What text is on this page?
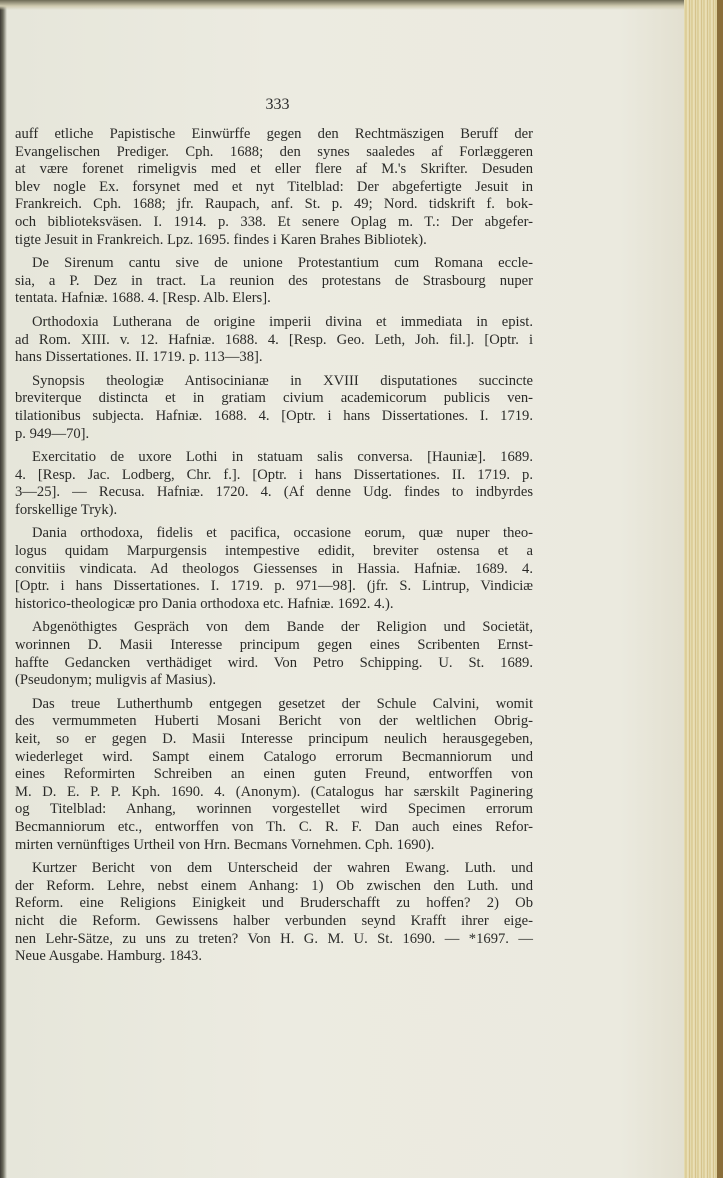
333
auff etliche Papistische Einwürffe gegen den Rechtmäszigen Beruff der
Evangelischen Prediger. Cph. 1688; den synes saaledes af Forlæggeren
at være forenet rimeligvis med et eller flere af M.'s Skrifter. Desuden
blev nogle Ex. forsynet med et nyt Titelblad: Der abgefertigte Jesuit in
Frankreich. Cph. 1688; jfr. Raupach, anf. St. p. 49; Nord. tidskrift f. bok-
och biblioteksväsen. I. 1914. p. 338. Et senere Oplag m. T.: Der abgefer-
tigte Jesuit in Frankreich. Lpz. 1695. findes i Karen Brahes Bibliotek).
De Sirenum cantu sive de unione Protestantium cum Romana eccle-
sia, a P. Dez in tract. La reunion des protestans de Strasbourg nuper
tentata. Hafniæ. 1688. 4. [Resp. Alb. Elers].
Orthodoxia Lutherana de origine imperii divina et immediata in epist.
ad Rom. XIII. v. 12. Hafniæ. 1688. 4. [Resp. Geo. Leth, Joh. fil.]. [Optr. i
hans Dissertationes. II. 1719. p. 113—38].
Synopsis theologiæ Antisocinianæ in XVIII disputationes succincte
breviterque distincta et in gratiam civium academicorum publicis ven-
tilationibus subjecta. Hafniæ. 1688. 4. [Optr. i hans Dissertationes. I. 1719.
p. 949—70].
Exercitatio de uxore Lothi in statuam salis conversa. [Hauniæ]. 1689.
4. [Resp. Jac. Lodberg, Chr. f.]. [Optr. i hans Dissertationes. II. 1719. p.
3—25]. — Recusa. Hafniæ. 1720. 4. (Af denne Udg. findes to indbyrdes
forskellige Tryk).
Dania orthodoxa, fidelis et pacifica, occasione eorum, quæ nuper theo-
logus quidam Marpurgensis intempestive edidit, breviter ostensa et a
convitiis vindicata. Ad theologos Giessenses in Hassia. Hafniæ. 1689. 4.
[Optr. i hans Dissertationes. I. 1719. p. 971—98]. (jfr. S. Lintrup, Vindiciæ
historico-theologicæ pro Dania orthodoxa etc. Hafniæ. 1692. 4.).
Abgenöthigtes Gespräch von dem Bande der Religion und Societät,
worinnen D. Masii Interesse principum gegen eines Scribenten Ernst-
haffte Gedancken verthädiget wird. Von Petro Schipping. U. St. 1689.
(Pseudonym; muligvis af Masius).
Das treue Lutherthumb entgegen gesetzet der Schule Calvini, womit
des vermummeten Huberti Mosani Bericht von der weltlichen Obrig-
keit, so er gegen D. Masii Interesse principum neulich herausgegeben,
wiederleget wird. Sampt einem Catalogo errorum Becmanniorum und
eines Reformirten Schreiben an einen guten Freund, entworffen von
M. D. E. P. P. Kph. 1690. 4. (Anonym). (Catalogus har særskilt Paginering
og Titelblad: Anhang, worinnen vorgestellet wird Specimen errorum
Becmanniorum etc., entworffen von Th. C. R. F. Dan auch eines Refor-
mirten vernünftiges Urtheil von Hrn. Becmans Vornehmen. Cph. 1690).
Kurtzer Bericht von dem Unterscheid der wahren Ewang. Luth. und
der Reform. Lehre, nebst einem Anhang: 1) Ob zwischen den Luth. und
Reform. eine Religions Einigkeit und Bruderschafft zu hoffen? 2) Ob
nicht die Reform. Gewissens halber verbunden seynd Krafft ihrer eige-
nen Lehr-Sätze, zu uns zu treten? Von H. G. M. U. St. 1690. — *1697. —
Neue Ausgabe. Hamburg. 1843.
